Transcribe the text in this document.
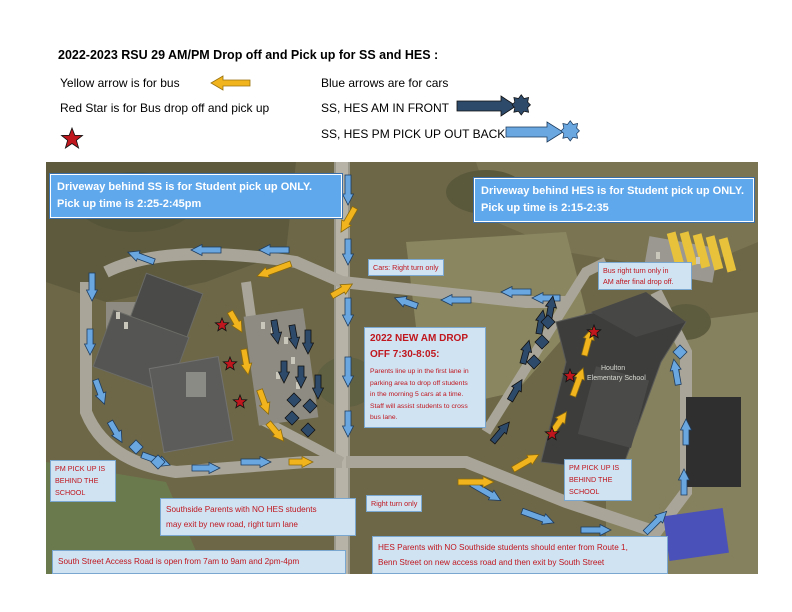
2022-2023 RSU 29 AM/PM Drop off and Pick up for SS and HES :
Yellow arrow is for bus	Blue arrows are for cars
Red Star is for Bus drop off and pick up	SS, HES AM IN FRONT
SS, HES PM PICK UP OUT BACK
Houlton
Elementary School
Driveway behind SS is for Student pick up ONLY.
Pick up time is 2:25-2:45pm
Driveway behind HES is for Student pick up ONLY.
Pick up time is 2:15-2:35
Cars: Right turn only	Bus right turn only in
AM after final drop off.
2022 NEW AM DROP
OFF 7:30-8:05:
Parents line up in the first lane in
parking area to drop off students
in the morning 5 cars at a time.
Staff will assist students to cross
bus lane.
PM PICK UP IS
BEHIND THE
SCHOOL
PM PICK UP IS
BEHIND THE
SCHOOL
Right turn only
Southside Parents with NO HES students
may exit by new road, right turn lane
South Street Access Road is open from 7am to 9am and 2pm-4pm
HES Parents with NO Southside students should enter from Route 1,
Benn Street on new access road and then exit by South Street
